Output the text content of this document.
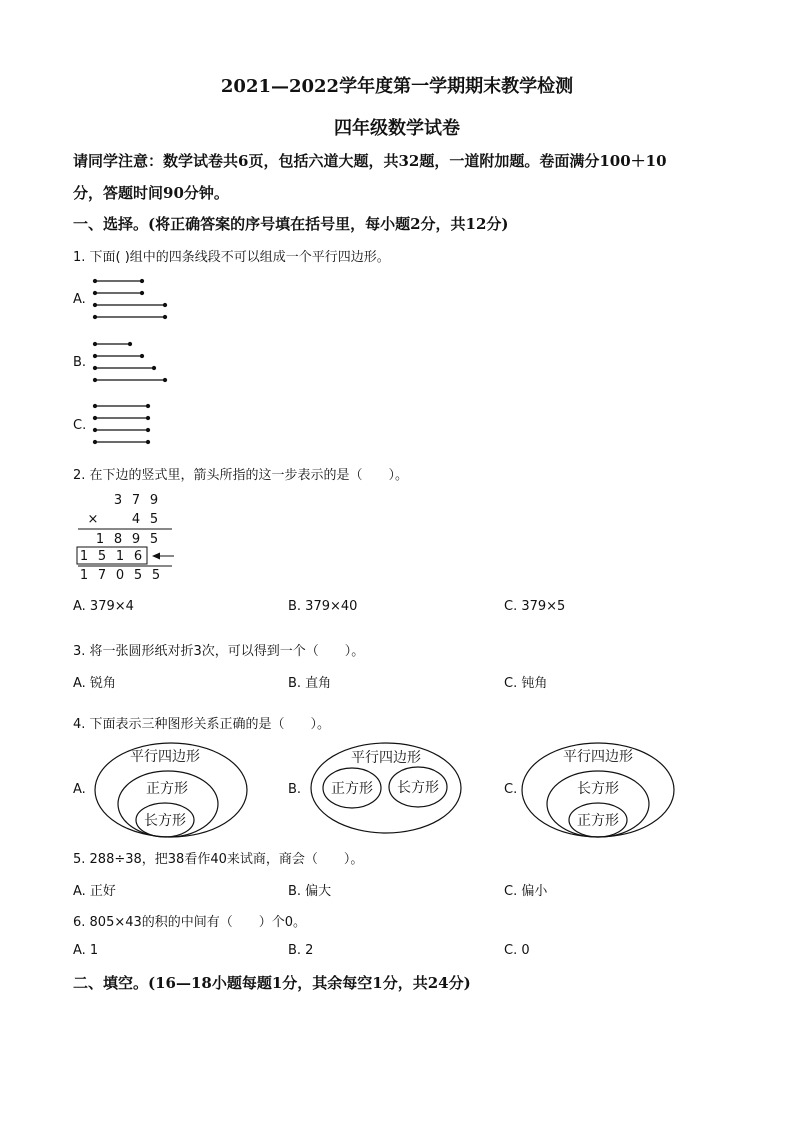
2021—2022学年度第一学期期末教学检测
四年级数学试卷
请同学注意：数学试卷共6页，包括六道大题，共32题，一道附加题。卷面满分100＋10
分，答题时间90分钟。
一、选择。(将正确答案的序号填在括号里，每小题2分，共12分)
1. 下面( )组中的四条线段不可以组成一个平行四边形。
A.
B.
C.
2. 在下边的竖式里，箭头所指的这一步表示的是（　　）。
3 7 9
×	4 5
1 8 9 5
1 5 1 6
1 7 0 5 5
A. 379×4	B. 379×40	C. 379×5
3. 将一张圆形纸对折3次，可以得到一个（　　）。
A. 锐角	B. 直角	C. 钝角
4. 下面表示三种图形关系正确的是（　　）。
A.
平行四边形
正方形
长方形
B.
平行四边形
正方形 长方形	C.
平行四边形
长方形
正方形
5. 288÷38，把38看作40来试商，商会（　　）。
A. 正好	B. 偏大	C. 偏小
6. 805×43的积的中间有（　　）个0。
A. 1	B. 2	C. 0
二、填空。(16—18小题每题1分，其余每空1分，共24分)
